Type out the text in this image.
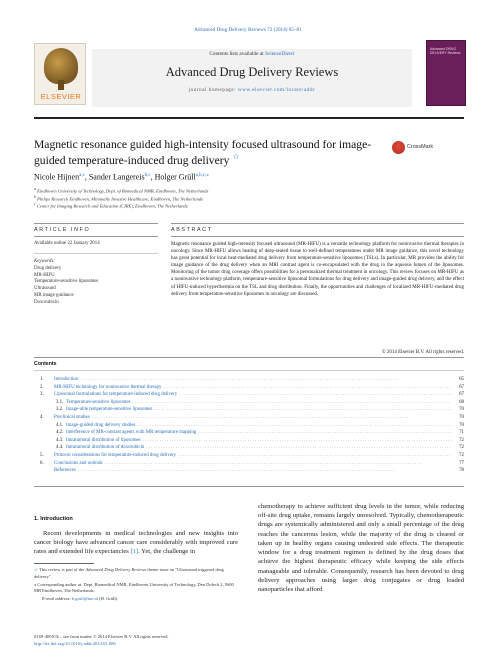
Advanced Drug Delivery Reviews 72 (2014) 65–81
ELSEVIER
Contents lists available at ScienceDirect
Advanced Drug Delivery Reviews
journal homepage: www.elsevier.com/locate/addr
Advanced DRUG DELIVERY Reviews
Magnetic resonance guided high-intensity focused ultrasound for image-guided temperature-induced drug delivery ☆
CrossMark
Nicole Hijnen$^{a,c}$, Sander Langereis$^{b,c}$, Holger Grüll$^{a,b,c,⁎}$
$^a$ Eindhoven University of Technology, Dept. of Biomedical NMR, Eindhoven, The Netherlands
$^b$ Philips Research Eindhoven, Minimally Invasive Healthcare, Eindhoven, The Netherlands
$^c$ Center for Imaging Research and Education (CIRE), Eindhoven, The Netherlands
ARTICLE INFO	ABSTRACT
Available online 22 January 2014
Keywords:
Drug delivery
MR-HIFU
Temperature-sensitive liposomes
Ultrasound
MR image guidance
Doxorubicin
Magnetic resonance guided high-intensity focused ultrasound (MR-HIFU) is a versatile technology platform for noninvasive thermal therapies in oncology. Since MR-HIFU allows heating of deep-seated tissue to well-defined temperatures under MR image guidance, this novel technology has great potential for local heat-mediated drug delivery from temperature-sensitive liposomes (TSLs). In particular, MR provides the ability for image guidance of the drug delivery when an MRI contrast agent is co-encapsulated with the drug in the aqueous lumen of the liposomes. Monitoring of the tumor drug coverage offers possibilities for a personalized thermal treatment in oncology. This review focuses on MR-HIFU as a noninvasive technology platform, temperature-sensitive liposomal formulations for drug delivery and image-guided drug delivery, and the effect of HIFU-induced hyperthermia on the TSL and drug distribution. Finally, the opportunities and challenges of localized MR-HIFU-mediated drug delivery from temperature-sensitive liposomes in oncology are discussed.
© 2014 Elsevier B.V. All rights reserved.
Contents
1.	Introduction . . .	65
2.	MR-HIFU technology for noninvasive thermal therapy . . .	67
3.	Liposomal formulations for temperature-induced drug delivery . . .	67
3.1. Temperature-sensitive liposomes . . .	68
3.2. Image-able temperature-sensitive liposomes . . .	70
4.	Preclinical studies . . .	70
4.1. Image-guided drug delivery studies . . .	70
4.2. Interference of MR-contrast agents with MR temperature mapping . . .	71
4.3. Intratumoral distribution of liposomes . . .	72
4.4. Intratumoral distribution of doxorubicin . . .	72
5.	Protocol considerations for temperature-induced drug delivery . . .	72
6.	Conclusions and outlook . . .	77
References . . .	78
1. Introduction
Recent developments in medical technologies and new insights into cancer biology have advanced cancer care considerably with improved cure rates and extended life expectancies [1]. Yet, the challenge in
chemotherapy to achieve sufficient drug levels in the tumor, while reducing off-site drug uptake, remains largely unresolved. Typically, chemotherapeutic drugs are systemically administered and only a small percentage of the drug reaches the cancerous lesion, while the majority of the drug is cleared or taken up in healthy organs causing undesired side effects. The therapeutic window for a drug treatment regimen is defined by the drug doses that achieve the highest therapeutic efficacy while keeping the side effects manageable and tolerable. Consequently, research has been devoted to drug delivery approaches using larger drug conjugates or drug loaded nanoparticles that afford

☆ This review is part of the Advanced Drug Delivery Reviews theme issue on "Ultrasound triggered drug delivery".

⁎ Corresponding author at: Dept. Biomedical NMR, Eindhoven University of Technology, Den Dolech 2, 5600 MB Eindhoven, The Netherlands.

E-mail address: h.grull@tue.nl (H. Grüll).

0169-409X/$ – see front matter © 2014 Elsevier B.V. All rights reserved.
http://dx.doi.org/10.1016/j.addr.2014.01.006
